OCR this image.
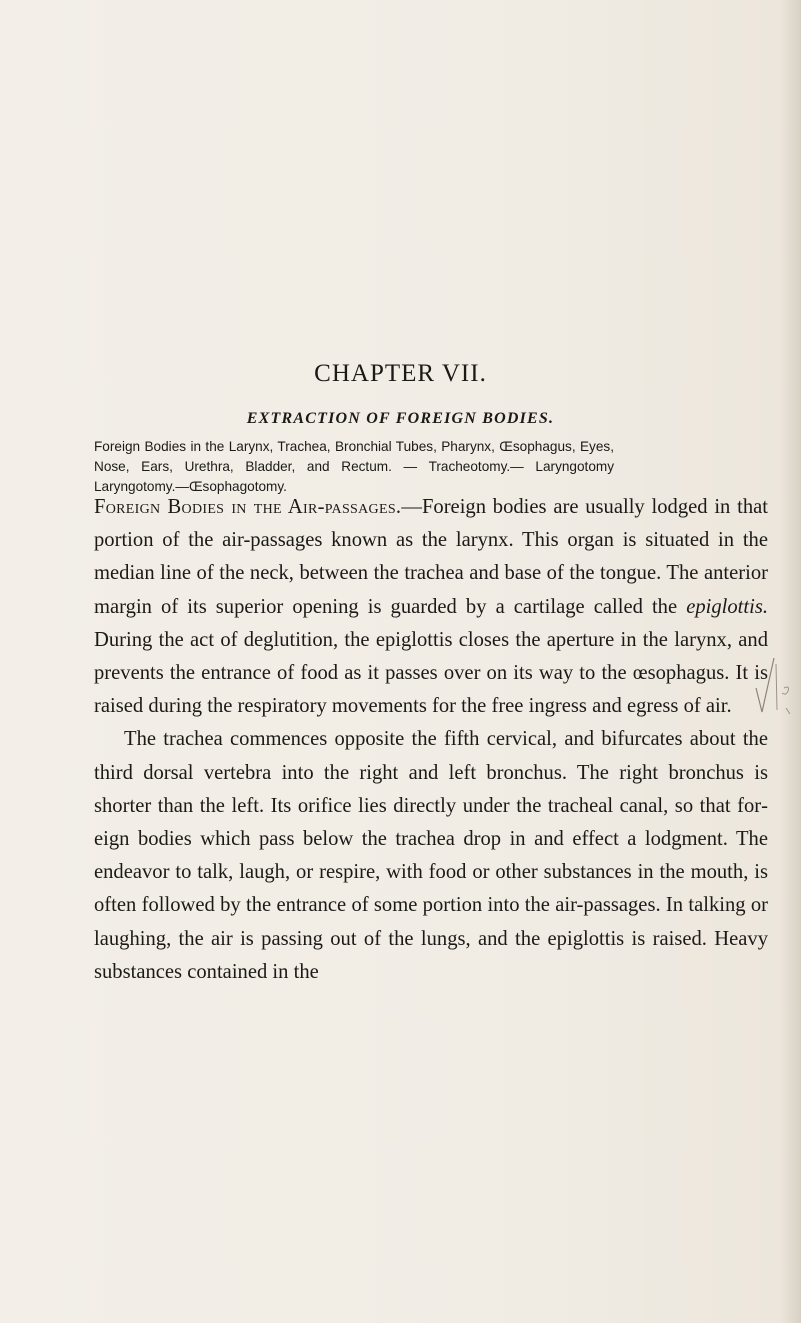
CHAPTER VII.
EXTRACTION OF FOREIGN BODIES.

Foreign Bodies in the Larynx, Trachea, Bronchial Tubes, Pharynx, Œsophagus, Eyes, Nose, Ears, Urethra, Bladder, and Rectum. — Tracheotomy.— Laryngotomy Laryngotomy.—Œsophagotomy.

Foreign Bodies in the Air-passages.—Foreign bodies are usually lodged in that portion of the air-passages known as the larynx. This organ is situated in the median line of the neck, between the trachea and base of the tongue. The anterior margin of its superior opening is guarded by a cartilage called the epiglottis. During the act of deglutition, the epiglottis closes the aperture in the larynx, and prevents the entrance of food as it passes over on its way to the œsophagus. It is raised during the respiratory movements for the free ingress and egress of air.

The trachea commences opposite the fifth cervical, and bifurcates about the third dorsal vertebra into the right and left bronchus. The right bronchus is shorter than the left. Its orifice lies directly under the tracheal canal, so that foreign bodies which pass below the trachea drop in and effect a lodgment. The endeavor to talk, laugh, or respire, with food or other substances in the mouth, is often followed by the entrance of some portion into the air-passages. In talking or laughing, the air is passing out of the lungs, and the epiglottis is raised. Heavy substances contained in the
